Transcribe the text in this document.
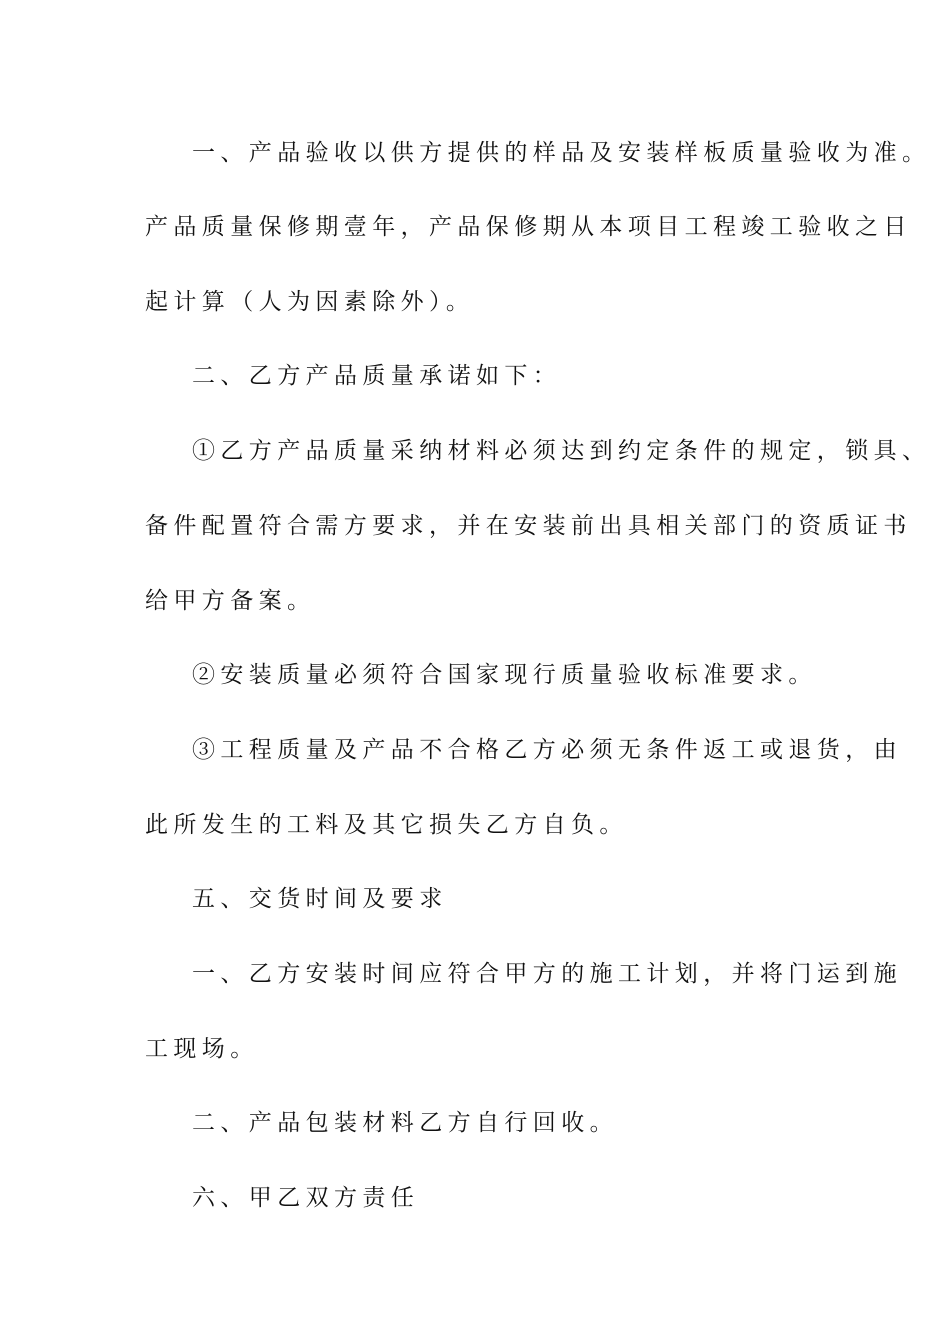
一、产品验收以供方提供的样品及安装样板质量验收为准。
产品质量保修期壹年，产品保修期从本项目工程竣工验收之日
起计算（人为因素除外）。
二、乙方产品质量承诺如下：
①乙方产品质量采纳材料必须达到约定条件的规定，锁具、
备件配置符合需方要求，并在安装前出具相关部门的资质证书
给甲方备案。
②安装质量必须符合国家现行质量验收标准要求。
③工程质量及产品不合格乙方必须无条件返工或退货，由
此所发生的工料及其它损失乙方自负。
五、交货时间及要求
一、乙方安装时间应符合甲方的施工计划，并将门运到施
工现场。
二、产品包装材料乙方自行回收。
六、甲乙双方责任
